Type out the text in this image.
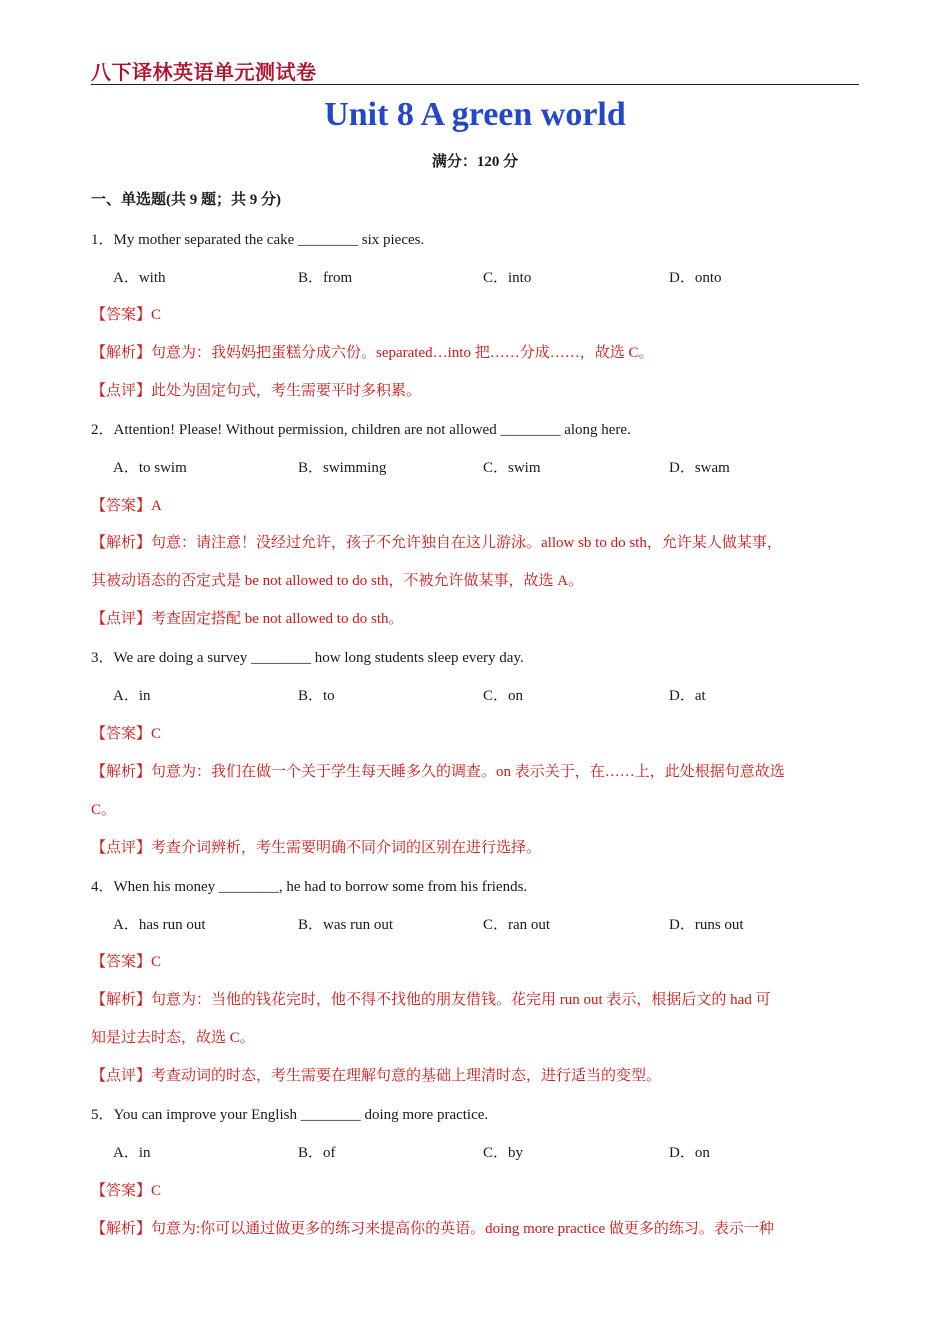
八下译林英语单元测试卷
Unit 8 A green world
满分：120 分
一、单选题(共 9 题；共 9 分)
1．My mother separated the cake ________ six pieces.
A．with	B．from	C．into	D．onto
【答案】C
【解析】句意为：我妈妈把蛋糕分成六份。separated…into 把……分成……，故选 C。
【点评】此处为固定句式，考生需要平时多积累。
2．Attention! Please! Without permission, children are not allowed ________ along here.
A．to swim	B．swimming	C．swim	D．swam
【答案】A
【解析】句意：请注意！没经过允许，孩子不允许独自在这儿游泳。allow sb to do sth，允许某人做某事，
其被动语态的否定式是 be not allowed to do sth，不被允许做某事，故选 A。
【点评】考查固定搭配 be not allowed to do sth。
3．We are doing a survey ________ how long students sleep every day.
A．in	B．to	C．on	D．at
【答案】C
【解析】句意为：我们在做一个关于学生每天睡多久的调查。on 表示关于，在……上，此处根据句意故选
C。
【点评】考查介词辨析，考生需要明确不同介词的区别在进行选择。
4．When his money ________, he had to borrow some from his friends.
A．has run out	B．was run out	C．ran out	D．runs out
【答案】C
【解析】句意为：当他的钱花完时，他不得不找他的朋友借钱。花完用 run out 表示，根据后文的 had 可
知是过去时态，故选 C。
【点评】考查动词的时态，考生需要在理解句意的基础上理清时态，进行适当的变型。
5．You can improve your English ________ doing more practice.
A．in	B．of	C．by	D．on
【答案】C
【解析】句意为:你可以通过做更多的练习来提高你的英语。doing more practice 做更多的练习。表示一种
